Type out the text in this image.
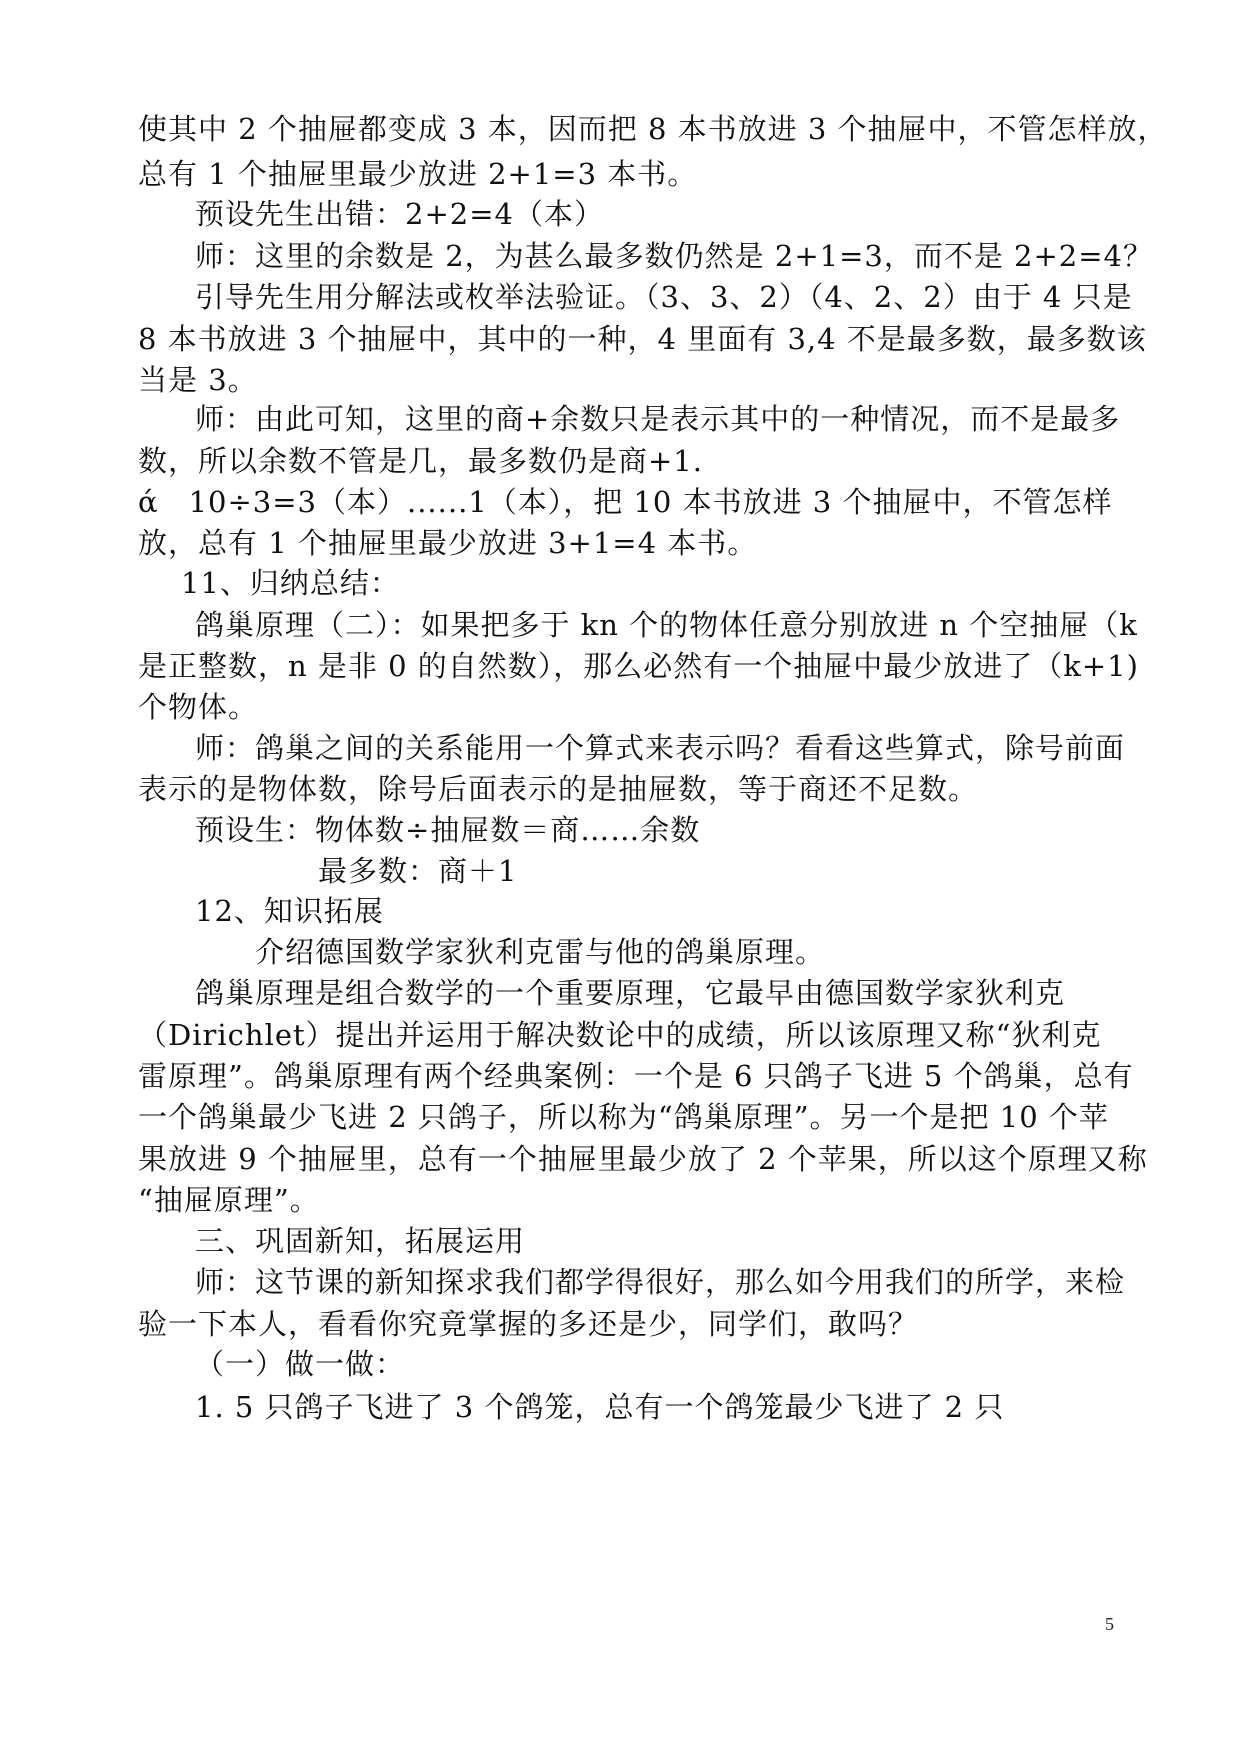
使其中 2 个抽屉都变成 3 本，因而把 8 本书放进 3 个抽屉中，不管怎样放，
总有 1 个抽屉里最少放进 2+1=3 本书。
预设先生出错：2+2=4（本）
师：这里的余数是 2，为甚么最多数仍然是 2+1=3，而不是 2+2=4？
引导先生用分解法或枚举法验证。（3、3、2）（4、2、2）由于 4 只是
8 本书放进 3 个抽屉中，其中的一种，4 里面有 3,4 不是最多数，最多数该
当是 3。
师：由此可知，这里的商+余数只是表示其中的一种情况，而不是最多
数，所以余数不管是几，最多数仍是商+1.
ά　10÷3=3（本）......1（本），把 10 本书放进 3 个抽屉中，不管怎样
放，总有 1 个抽屉里最少放进 3+1=4 本书。
11、归纳总结：
鸽巢原理（二）：如果把多于 kn 个的物体任意分别放进 n 个空抽屉（k
是正整数，n 是非 0 的自然数），那么必然有一个抽屉中最少放进了（k+1)
个物体。
师：鸽巢之间的关系能用一个算式来表示吗？看看这些算式，除号前面
表示的是物体数，除号后面表示的是抽屉数，等于商还不足数。
预设生：物体数÷抽屉数＝商……余数
最多数：商＋1
12、知识拓展
介绍德国数学家狄利克雷与他的鸽巢原理。
鸽巢原理是组合数学的一个重要原理，它最早由德国数学家狄利克
（Dirichlet）提出并运用于解决数论中的成绩，所以该原理又称“狄利克
雷原理”。鸽巢原理有两个经典案例：一个是 6 只鸽子飞进 5 个鸽巢，总有
一个鸽巢最少飞进 2 只鸽子，所以称为“鸽巢原理”。另一个是把 10 个苹
果放进 9 个抽屉里，总有一个抽屉里最少放了 2 个苹果，所以这个原理又称
“抽屉原理”。
三、巩固新知，拓展运用
师：这节课的新知探求我们都学得很好，那么如今用我们的所学，来检
验一下本人，看看你究竟掌握的多还是少，同学们，敢吗？
（一）做一做：
1. 5 只鸽子飞进了 3 个鸽笼，总有一个鸽笼最少飞进了 2 只
5
